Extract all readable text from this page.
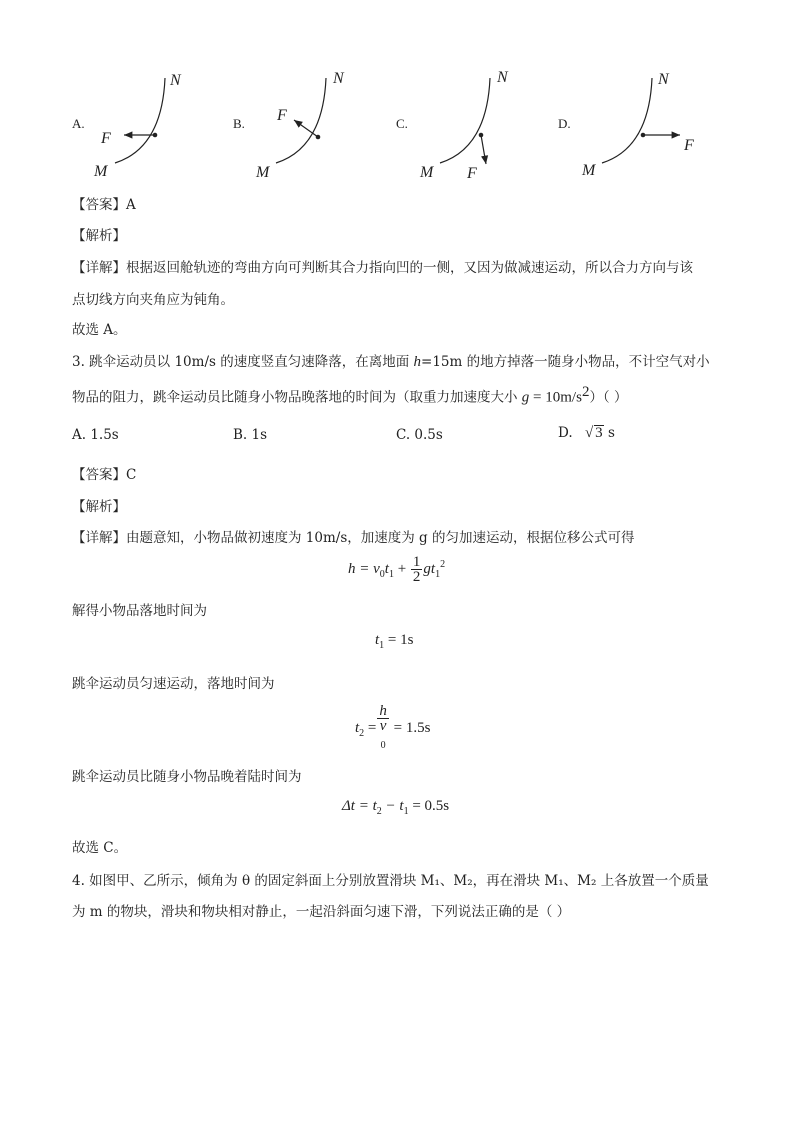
A.	B.	C.	D.
N
F
M
N
F
M
N
F
M
N
F
M
【答案】A
【解析】
【详解】根据返回舱轨迹的弯曲方向可判断其合力指向凹的一侧，又因为做减速运动，所以合力方向与该
点切线方向夹角应为钝角。
故选 A。
3. 跳伞运动员以 10m/s 的速度竖直匀速降落，在离地面 h=15m 的地方掉落一随身小物品，不计空气对小
物品的阻力，跳伞运动员比随身小物品晚落地的时间为（取重力加速度大小 $g = 10m/s^2$）（ ）
A. 1.5s	B. 1s	C. 0.5s	D. √ 3 s
【答案】C
【解析】
【详解】由题意知，小物品做初速度为 10m/s，加速度为 g 的匀加速运动，根据位移公式可得
$h = v_0t_1 + \frac{1}{2} gt_1^2$
解得小物品落地时间为
$t_1 = 1s$
跳伞运动员匀速运动，落地时间为
$t_2 = h$
v
$_0$ = 1.5s
跳伞运动员比随身小物品晚着陆时间为
$\Delta t = t_2 - t_1 = 0.5s$
故选 C。
4. 如图甲、乙所示，倾角为 θ 的固定斜面上分别放置滑块 M₁、M₂，再在滑块 M₁、M₂ 上各放置一个质量
为 m 的物块，滑块和物块相对静止，一起沿斜面匀速下滑，下列说法正确的是（ ）
